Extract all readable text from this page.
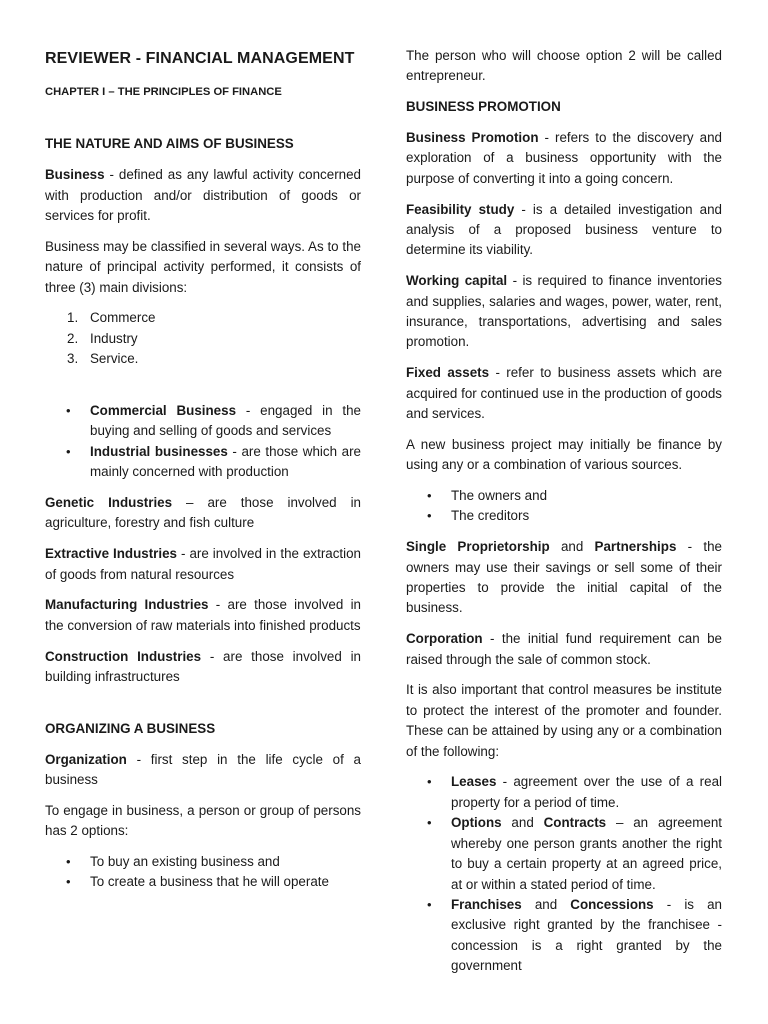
REVIEWER - FINANCIAL MANAGEMENT
CHAPTER I – THE PRINCIPLES OF FINANCE
THE NATURE AND AIMS OF BUSINESS

Business - defined as any lawful activity concerned with production and/or distribution of goods or services for profit.

Business may be classified in several ways. As to the nature of principal activity performed, it consists of three (3) main divisions:

1. Commerce
2. Industry
3. Service.
• Commercial Business - engaged in the buying and selling of goods and services
• Industrial businesses - are those which are mainly concerned with production

Genetic Industries – are those involved in agriculture, forestry and fish culture

Extractive Industries - are involved in the extraction of goods from natural resources

Manufacturing Industries - are those involved in the conversion of raw materials into finished products

Construction Industries - are those involved in building infrastructures

ORGANIZING A BUSINESS

Organization - first step in the life cycle of a business

To engage in business, a person or group of persons has 2 options:

• To buy an existing business and
• To create a business that he will operate

The person who will choose option 2 will be called entrepreneur.

BUSINESS PROMOTION

Business Promotion - refers to the discovery and exploration of a business opportunity with the purpose of converting it into a going concern.

Feasibility study - is a detailed investigation and analysis of a proposed business venture to determine its viability.

Working capital - is required to finance inventories and supplies, salaries and wages, power, water, rent, insurance, transportations, advertising and sales promotion.

Fixed assets - refer to business assets which are acquired for continued use in the production of goods and services.

A new business project may initially be finance by using any or a combination of various sources.

• The owners and
• The creditors

Single Proprietorship and Partnerships - the owners may use their savings or sell some of their properties to provide the initial capital of the business.

Corporation - the initial fund requirement can be raised through the sale of common stock.

It is also important that control measures be institute to protect the interest of the promoter and founder. These can be attained by using any or a combination of the following:

• Leases - agreement over the use of a real property for a period of time.
• Options and Contracts – an agreement whereby one person grants another the right to buy a certain property at an agreed price, at or within a stated period of time.
• Franchises and Concessions - is an exclusive right granted by the franchisee - concession is a right granted by the government
